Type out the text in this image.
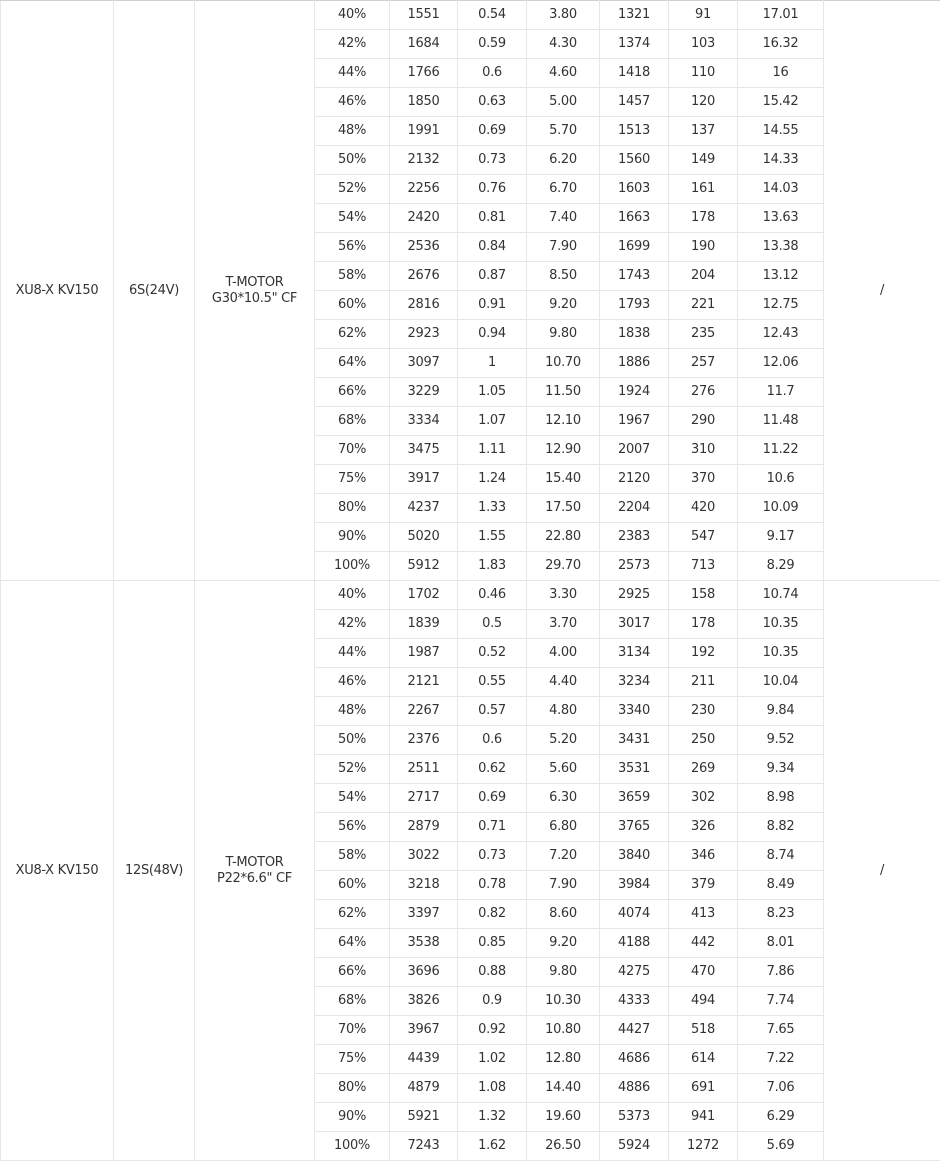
XU8-X KV150	6S(24V)	T-MOTOR
G30*10.5" CF	40%	1551	0.54	3.80	1321	91	17.01	/
			42%	1684	0.59	4.30	1374	103	16.32	
			44%	1766	0.6	4.60	1418	110	16	
			46%	1850	0.63	5.00	1457	120	15.42	
			48%	1991	0.69	5.70	1513	137	14.55	
			50%	2132	0.73	6.20	1560	149	14.33	
			52%	2256	0.76	6.70	1603	161	14.03	
			54%	2420	0.81	7.40	1663	178	13.63	
			56%	2536	0.84	7.90	1699	190	13.38	
			58%	2676	0.87	8.50	1743	204	13.12	
			60%	2816	0.91	9.20	1793	221	12.75	
			62%	2923	0.94	9.80	1838	235	12.43	
			64%	3097	1	10.70	1886	257	12.06	
			66%	3229	1.05	11.50	1924	276	11.7	
			68%	3334	1.07	12.10	1967	290	11.48	
			70%	3475	1.11	12.90	2007	310	11.22	
			75%	3917	1.24	15.40	2120	370	10.6	
			80%	4237	1.33	17.50	2204	420	10.09	
			90%	5020	1.55	22.80	2383	547	9.17	
			100%	5912	1.83	29.70	2573	713	8.29	
XU8-X KV150	12S(48V)	T-MOTOR
P22*6.6" CF	40%	1702	0.46	3.30	2925	158	10.74	/
			42%	1839	0.5	3.70	3017	178	10.35	
			44%	1987	0.52	4.00	3134	192	10.35	
			46%	2121	0.55	4.40	3234	211	10.04	
			48%	2267	0.57	4.80	3340	230	9.84	
			50%	2376	0.6	5.20	3431	250	9.52	
			52%	2511	0.62	5.60	3531	269	9.34	
			54%	2717	0.69	6.30	3659	302	8.98	
			56%	2879	0.71	6.80	3765	326	8.82	
			58%	3022	0.73	7.20	3840	346	8.74	
			60%	3218	0.78	7.90	3984	379	8.49	
			62%	3397	0.82	8.60	4074	413	8.23	
			64%	3538	0.85	9.20	4188	442	8.01	
			66%	3696	0.88	9.80	4275	470	7.86	
			68%	3826	0.9	10.30	4333	494	7.74	
			70%	3967	0.92	10.80	4427	518	7.65	
			75%	4439	1.02	12.80	4686	614	7.22	
			80%	4879	1.08	14.40	4886	691	7.06	
			90%	5921	1.32	19.60	5373	941	6.29	
			100%	7243	1.62	26.50	5924	1272	5.69	
